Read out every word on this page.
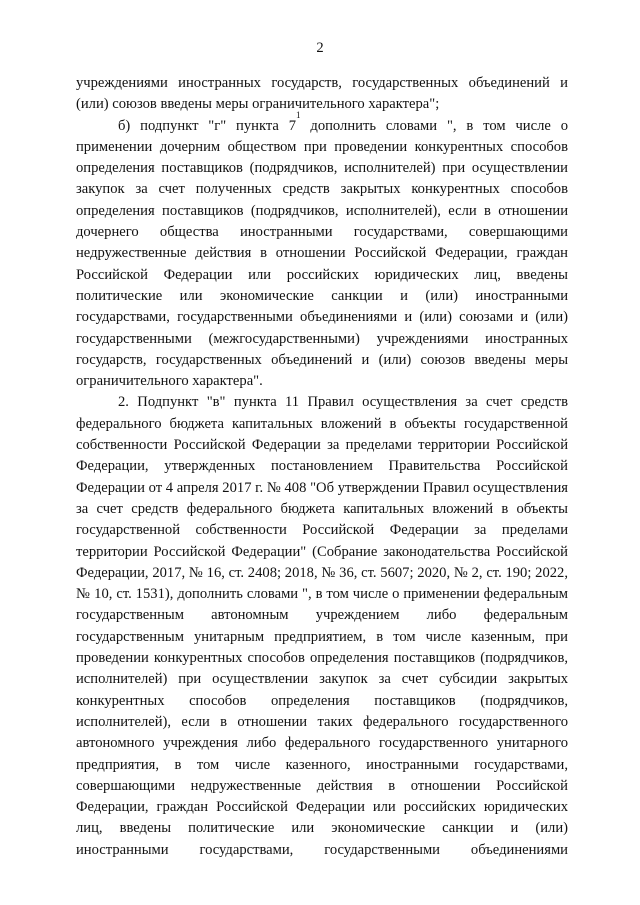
2

учреждениями иностранных государств, государственных объединений и (или) союзов введены меры ограничительного характера";

б) подпункт "г" пункта $7^1$ дополнить словами ", в том числе о применении дочерним обществом при проведении конкурентных способов определения поставщиков (подрядчиков, исполнителей) при осуществлении закупок за счет полученных средств закрытых конкурентных способов определения поставщиков (подрядчиков, исполнителей), если в отношении дочернего общества иностранными государствами, совершающими недружественные действия в отношении Российской Федерации, граждан Российской Федерации или российских юридических лиц, введены политические или экономические санкции и (или) иностранными государствами, государственными объединениями и (или) союзами и (или) государственными (межгосударственными) учреждениями иностранных государств, государственных объединений и (или) союзов введены меры ограничительного характера".

2. Подпункт "в" пункта 11 Правил осуществления за счет средств федерального бюджета капитальных вложений в объекты государственной собственности Российской Федерации за пределами территории Российской Федерации, утвержденных постановлением Правительства Российской Федерации от 4 апреля 2017 г. № 408 "Об утверждении Правил осуществления за счет средств федерального бюджета капитальных вложений в объекты государственной собственности Российской Федерации за пределами территории Российской Федерации" (Собрание законодательства Российской Федерации, 2017, № 16, ст. 2408; 2018, № 36, ст. 5607; 2020, № 2, ст. 190; 2022, № 10, ст. 1531), дополнить словами ", в том числе о применении федеральным государственным автономным учреждением либо федеральным государственным унитарным предприятием, в том числе казенным, при проведении конкурентных способов определения поставщиков (подрядчиков, исполнителей) при осуществлении закупок за счет субсидии закрытых конкурентных способов определения поставщиков (подрядчиков, исполнителей), если в отношении таких федерального государственного автономного учреждения либо федерального государственного унитарного предприятия, в том числе казенного, иностранными государствами, совершающими недружественные действия в отношении Российской Федерации, граждан Российской Федерации или российских юридических лиц, введены политические или экономические санкции и (или) иностранными государствами, государственными объединениями
